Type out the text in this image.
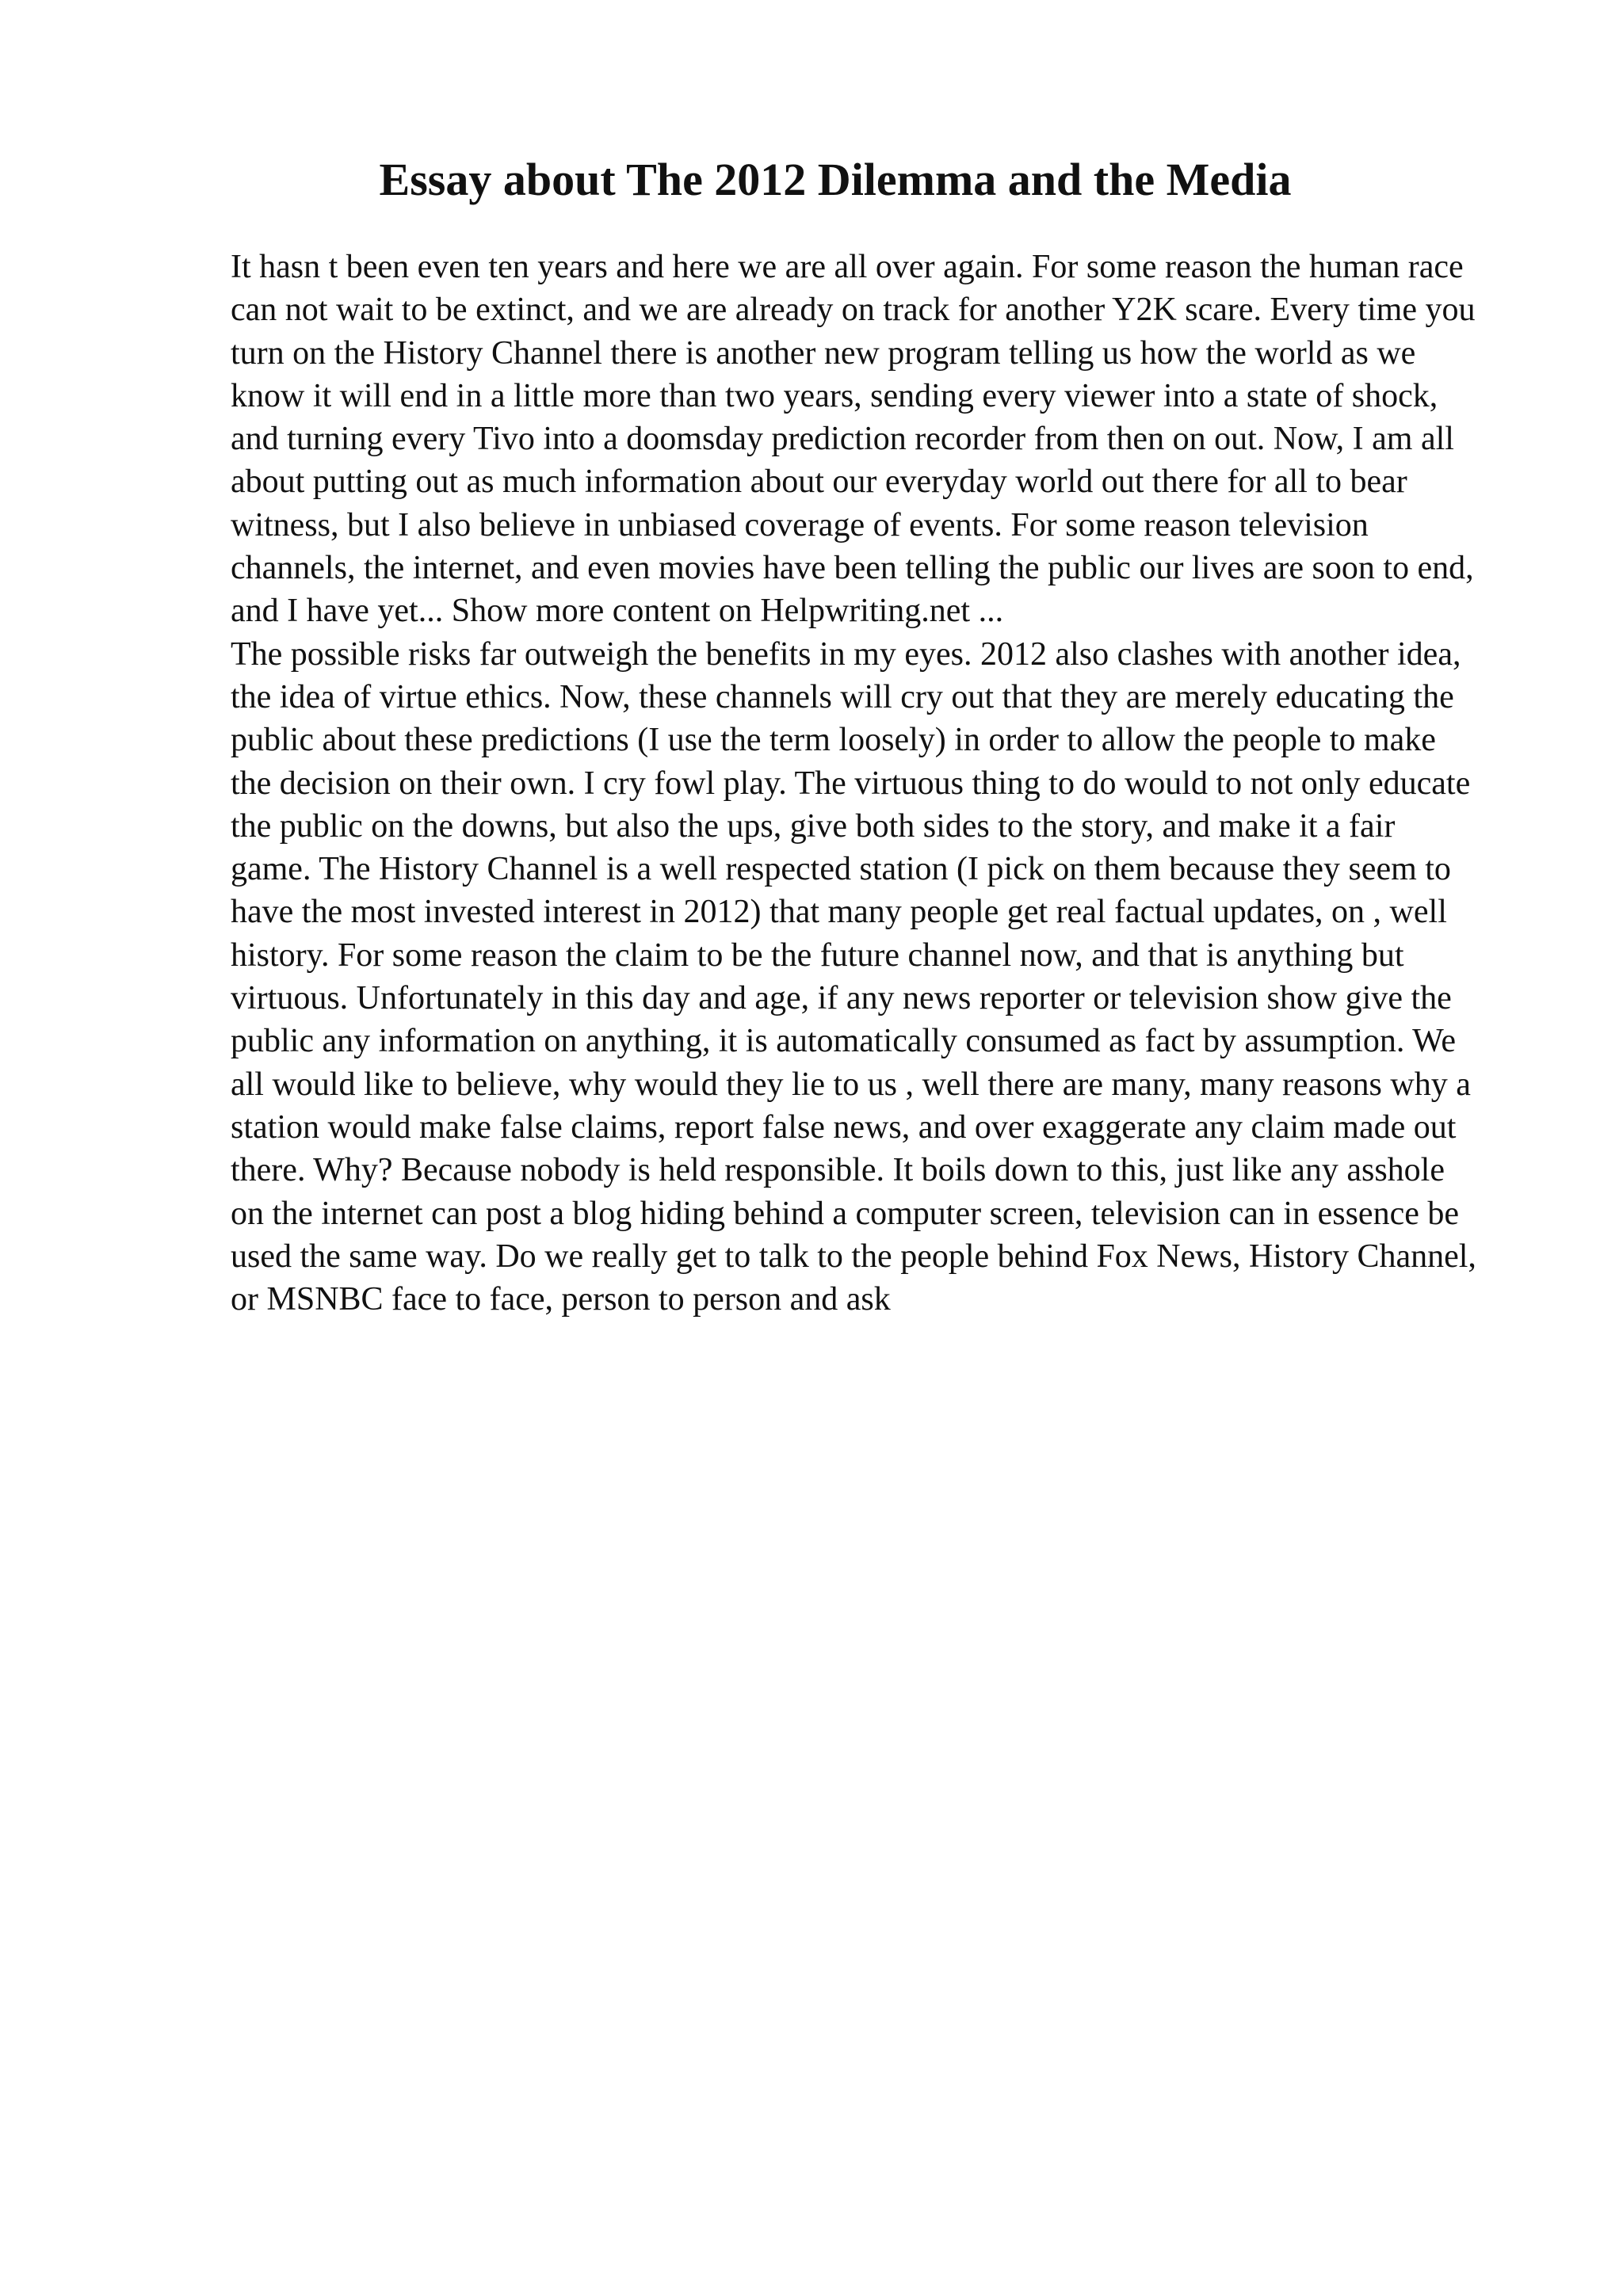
Essay about The 2012 Dilemma and the Media

It hasn t been even ten years and here we are all over again. For some reason the human race can not wait to be extinct, and we are already on track for another Y2K scare. Every time you turn on the History Channel there is another new program telling us how the world as we know it will end in a little more than two years, sending every viewer into a state of shock, and turning every Tivo into a doomsday prediction recorder from then on out. Now, I am all about putting out as much information about our everyday world out there for all to bear witness, but I also believe in unbiased coverage of events. For some reason television channels, the internet, and even movies have been telling the public our lives are soon to end, and I have yet... Show more content on Helpwriting.net ...

The possible risks far outweigh the benefits in my eyes. 2012 also clashes with another idea, the idea of virtue ethics. Now, these channels will cry out that they are merely educating the public about these predictions (I use the term loosely) in order to allow the people to make the decision on their own. I cry fowl play. The virtuous thing to do would to not only educate the public on the downs, but also the ups, give both sides to the story, and make it a fair game. The History Channel is a well respected station (I pick on them because they seem to have the most invested interest in 2012) that many people get real factual updates, on , well history. For some reason the claim to be the future channel now, and that is anything but virtuous. Unfortunately in this day and age, if any news reporter or television show give the public any information on anything, it is automatically consumed as fact by assumption. We all would like to believe, why would they lie to us , well there are many, many reasons why a station would make false claims, report false news, and over exaggerate any claim made out there. Why? Because nobody is held responsible. It boils down to this, just like any asshole on the internet can post a blog hiding behind a computer screen, television can in essence be used the same way. Do we really get to talk to the people behind Fox News, History Channel, or MSNBC face to face, person to person and ask
